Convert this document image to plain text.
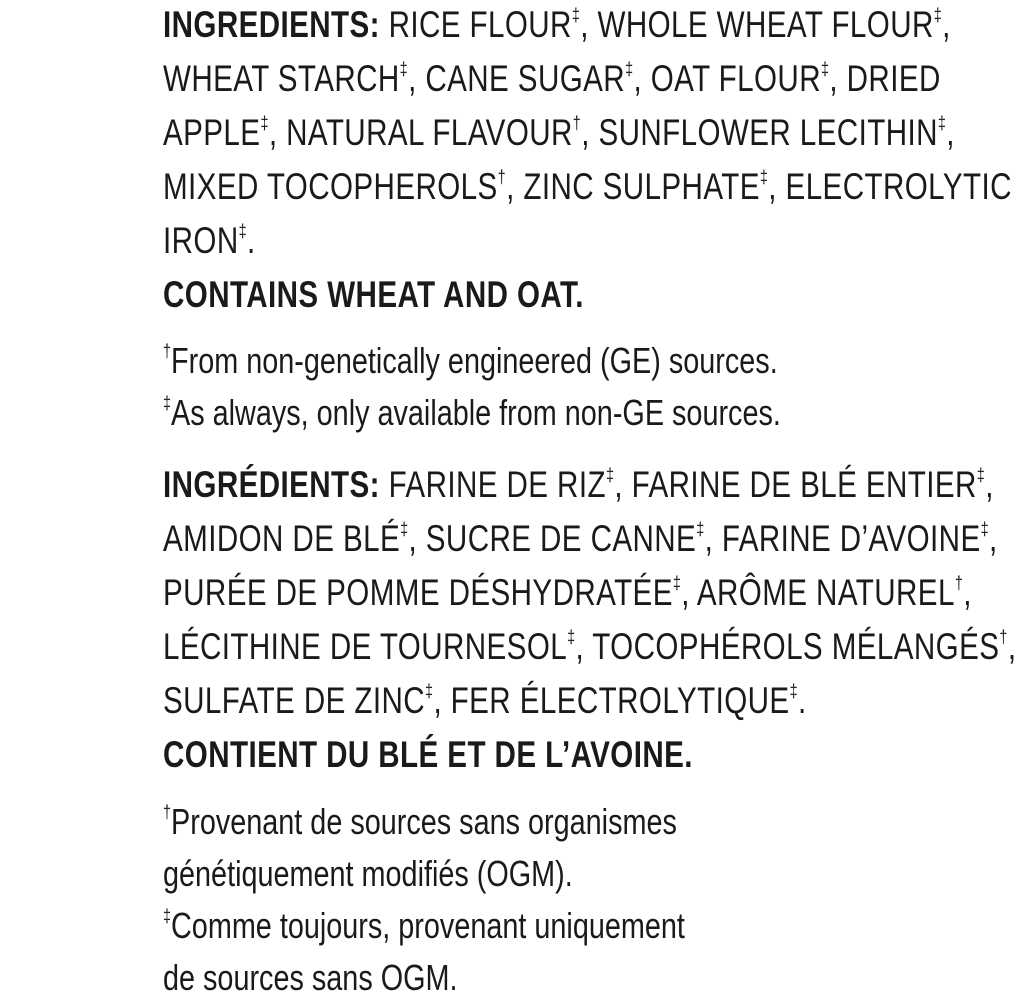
INGREDIENTS: RICE FLOUR‡, WHOLE WHEAT FLOUR‡,
WHEAT STARCH‡, CANE SUGAR‡, OAT FLOUR‡, DRIED
APPLE‡, NATURAL FLAVOUR†, SUNFLOWER LECITHIN‡,
MIXED TOCOPHEROLS†, ZINC SULPHATE‡, ELECTROLYTIC
IRON‡.
CONTAINS WHEAT AND OAT.
†From non-genetically engineered (GE) sources.
‡As always, only available from non-GE sources.
INGRÉDIENTS: FARINE DE RIZ‡, FARINE DE BLÉ ENTIER‡,
AMIDON DE BLÉ‡, SUCRE DE CANNE‡, FARINE D’AVOINE‡,
PURÉE DE POMME DÉSHYDRATÉE‡, ARÔME NATUREL†,
LÉCITHINE DE TOURNESOL‡, TOCOPHÉROLS MÉLANGÉS†,
SULFATE DE ZINC‡, FER ÉLECTROLYTIQUE‡.
CONTIENT DU BLÉ ET DE L’AVOINE.
†Provenant de sources sans organismes
génétiquement modifiés (OGM).
‡Comme toujours, provenant uniquement
de sources sans OGM.
